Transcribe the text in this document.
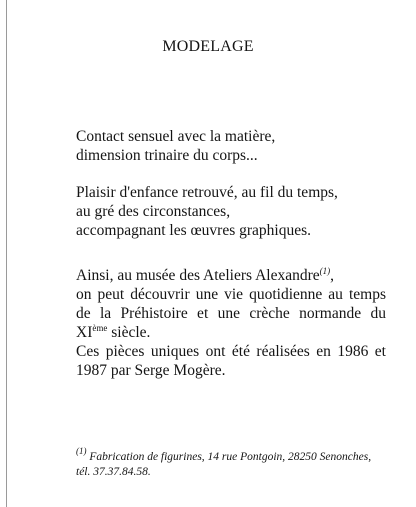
MODELAGE
Contact sensuel avec la matière,
dimension trinaire du corps...
Plaisir d'enfance retrouvé, au fil du temps,
au gré des circonstances,
accompagnant les œuvres graphiques.
Ainsi, au musée des Ateliers Alexandre$^{(1)}$,
on peut découvrir une vie quotidienne au temps
de la Préhistoire et une crèche normande du
XIème siècle.
Ces pièces uniques ont été réalisées en 1986 et
1987 par Serge Mogère.
$^{(1)}$ Fabrication de figurines, 14 rue Pontgoin, 28250 Senonches,
tél. 37.37.84.58.
